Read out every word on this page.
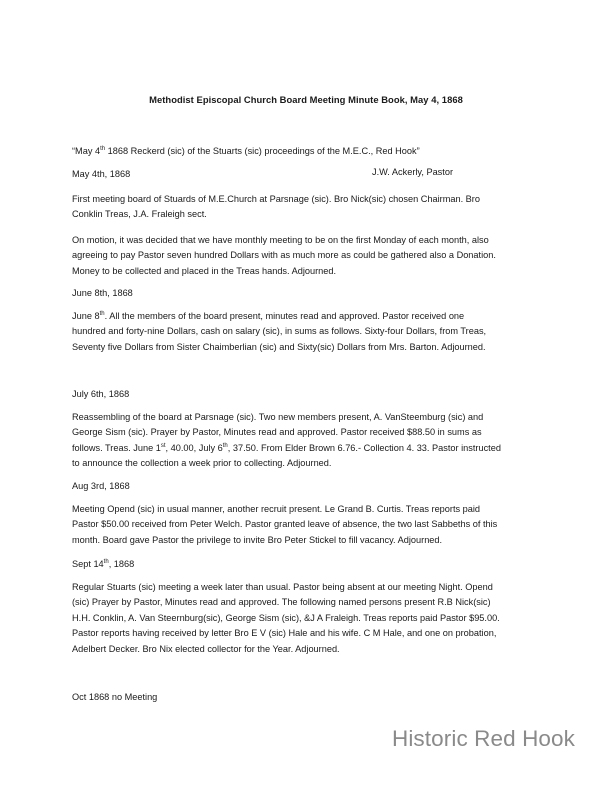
Methodist Episcopal Church Board Meeting Minute Book, May 4, 1868
“May 4th 1868 Reckerd (sic) of the Stuarts (sic) proceedings of the M.E.C., Red Hook”
May 4th, 1868	J.W. Ackerly, Pastor
First meeting board of Stuards of M.E.Church at Parsnage (sic). Bro Nick(sic) chosen Chairman. Bro
Conklin Treas, J.A. Fraleigh sect.
On motion, it was decided that we have monthly meeting to be on the first Monday of each month, also
agreeing to pay Pastor seven hundred Dollars with as much more as could be gathered also a Donation.
Money to be collected and placed in the Treas hands. Adjourned.
June 8th, 1868
June 8th. All the members of the board present, minutes read and approved. Pastor received one
hundred and forty-nine Dollars, cash on salary (sic), in sums as follows. Sixty-four Dollars, from Treas,
Seventy five Dollars from Sister Chaimberlian (sic) and Sixty(sic) Dollars from Mrs. Barton. Adjourned.
July 6th, 1868
Reassembling of the board at Parsnage (sic). Two new members present, A. VanSteemburg (sic) and
George Sism (sic). Prayer by Pastor, Minutes read and approved. Pastor received $88.50 in sums as
follows. Treas. June 1st, 40.00, July 6th, 37.50. From Elder Brown 6.76.- Collection 4. 33. Pastor instructed
to announce the collection a week prior to collecting. Adjourned.
Aug 3rd, 1868
Meeting Opend (sic) in usual manner, another recruit present. Le Grand B. Curtis. Treas reports paid
Pastor $50.00 received from Peter Welch. Pastor granted leave of absence, the two last Sabbeths of this
month. Board gave Pastor the privilege to invite Bro Peter Stickel to fill vacancy. Adjourned.
Sept 14th, 1868
Regular Stuarts (sic) meeting a week later than usual. Pastor being absent at our meeting Night. Opend
(sic) Prayer by Pastor, Minutes read and approved. The following named persons present R.B Nick(sic)
H.H. Conklin, A. Van Steernburg(sic), George Sism (sic), &J A Fraleigh. Treas reports paid Pastor $95.00.
Pastor reports having received by letter Bro E V (sic) Hale and his wife. C M Hale, and one on probation,
Adelbert Decker. Bro Nix elected collector for the Year. Adjourned.
Oct 1868 no Meeting
Historic Red Hook
